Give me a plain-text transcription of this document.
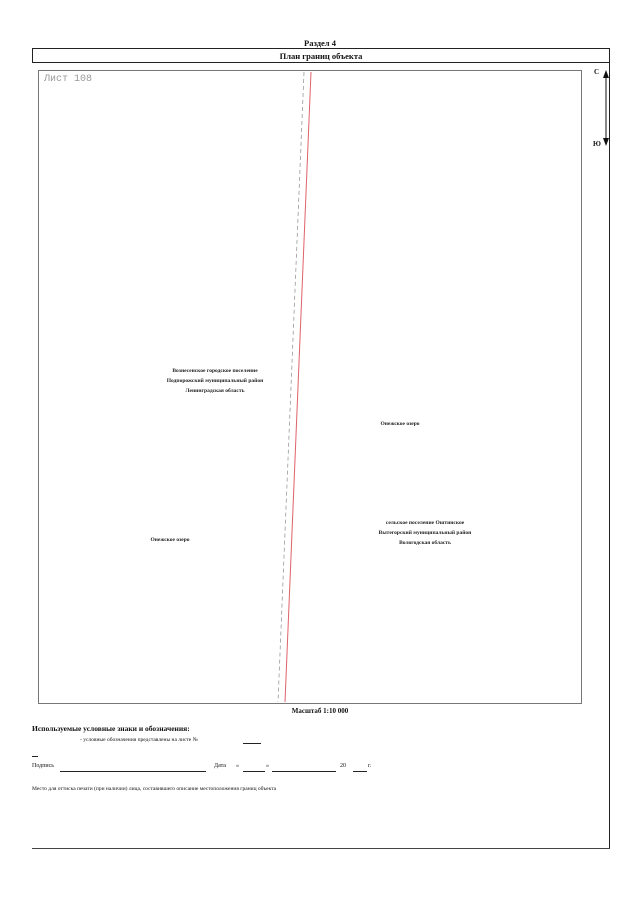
Раздел 4
План границ объекта
Лист 108
Вознесенское городское поселение
Подпорожский муниципальный район
Ленинградская область
Онежское озеро
Онежское озеро
сельское поселение Оштинское
Вытегорский муниципальный район
Вологодская область
С
Ю
Масштаб 1:10 000
Используемые условные знаки и обозначения:
- условные обозначения представлены на листе №
Подпись	Дата «	»	20	г.
Место для оттиска печати (при наличии) лица, составившего описание местоположения границ объекта
